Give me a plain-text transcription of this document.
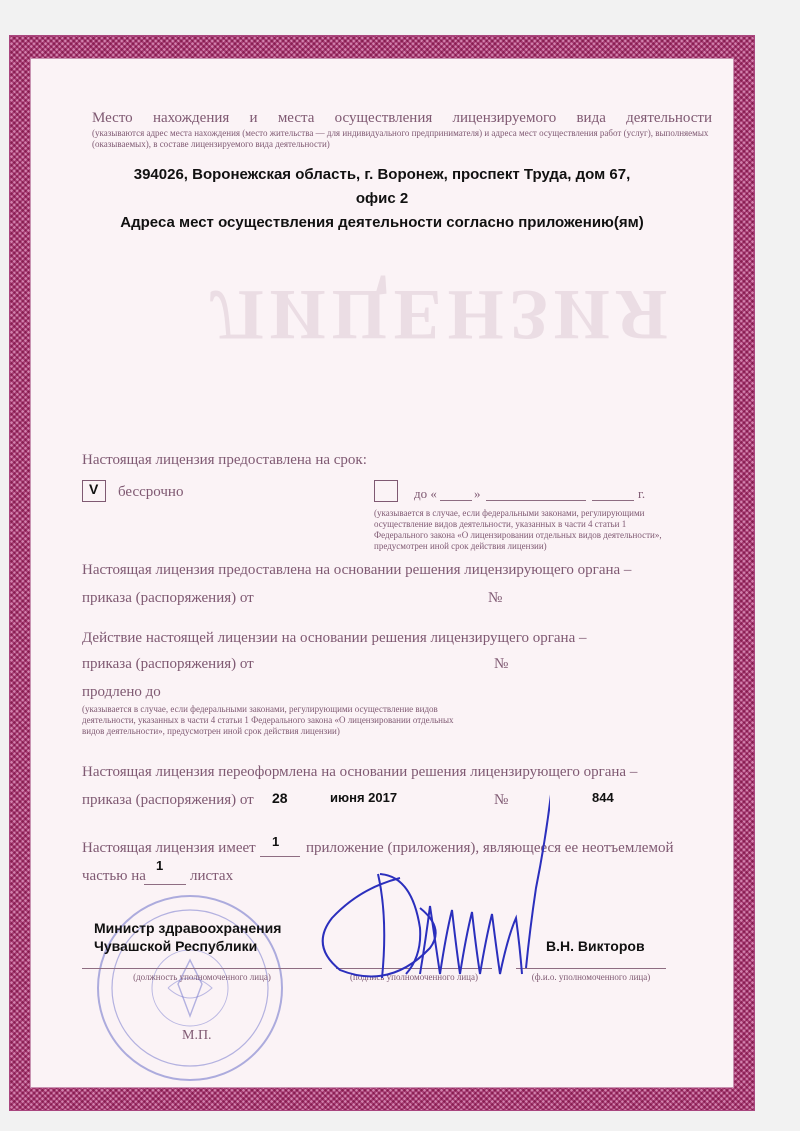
ЛИЦЕНЗИЯ
Место нахождения и места осуществления лицензируемого вида деятельности
(указываются адрес места нахождения (место жительства — для индивидуального предпринимателя) и адреса мест осуществления работ (услуг), выполняемых (оказываемых), в составе лицензируемого вида деятельности)
394026, Воронежская область, г. Воронеж, проспект Труда, дом 67,
офис 2
Адреса мест осуществления деятельности согласно приложению(ям)
Настоящая лицензия предоставлена на срок:
V бессрочно	до «	»	г.
(указывается в случае, если федеральными законами, регулирующими осуществление видов деятельности, указанных в части 4 статьи 1 Федерального закона «О лицензировании отдельных видов деятельности», предусмотрен иной срок действия лицензии)
Настоящая лицензия предоставлена на основании решения лицензирующего органа –
приказа (распоряжения) от	№
Действие настоящей лицензии на основании решения лицензирущего органа –
приказа (распоряжения) от	№
продлено до
(указывается в случае, если федеральными законами, регулирующими осуществление видов деятельности, указанных в части 4 статьи 1 Федерального закона «О лицензировании отдельных видов деятельности», предусмотрен иной срок действия лицензии)
Настоящая лицензия переоформлена на основании решения лицензирующего органа –
приказа (распоряжения) от 28	июня 2017	№	844
Настоящая лицензия имеет 1 приложение (приложения), являющееся ее неотъемлемой
частью на
1
листах
Министр здравоохранения
Чувашской Республики
(должность уполномоченного лица)	(подпись уполномоченного лица)
В.Н. Викторов
(ф.и.о. уполномоченного лица)
М.П.
